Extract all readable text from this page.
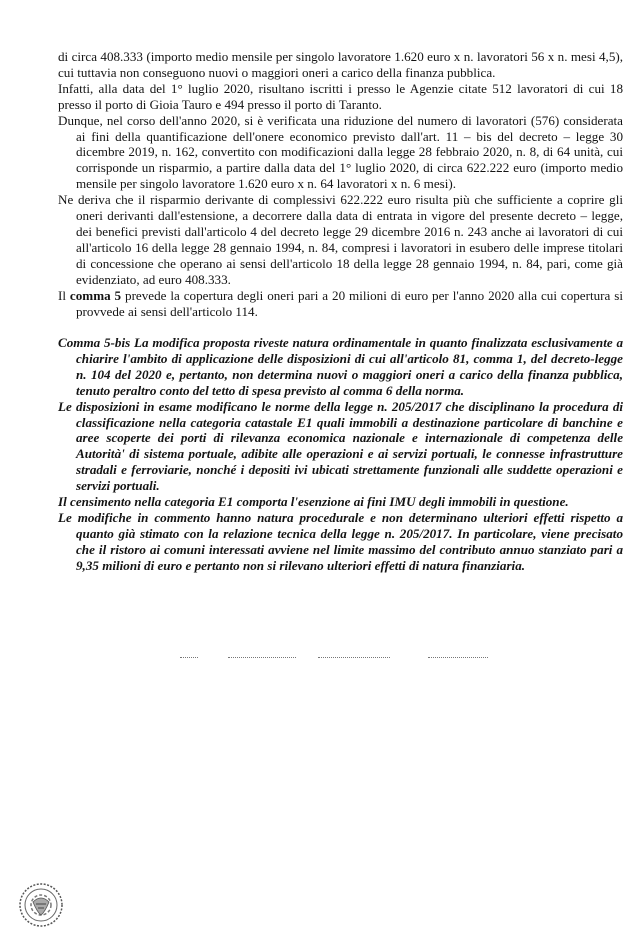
di circa 408.333 (importo medio mensile per singolo lavoratore 1.620 euro x n. lavoratori 56 x n. mesi 4,5), cui tuttavia non conseguono nuovi o maggiori oneri a carico della finanza pubblica.

Infatti, alla data del 1° luglio 2020, risultano iscritti i presso le Agenzie citate 512 lavoratori di cui 18 presso il porto di Gioia Tauro e 494 presso il porto di Taranto.

Dunque, nel corso dell'anno 2020, si è verificata una riduzione del numero di lavoratori (576) considerata ai fini della quantificazione dell'onere economico previsto dall'art. 11 – bis del decreto – legge 30 dicembre 2019, n. 162, convertito con modificazioni dalla legge 28 febbraio 2020, n. 8, di 64 unità, cui corrisponde un risparmio, a partire dalla data del 1° luglio 2020, di circa 622.222 euro (importo medio mensile per singolo lavoratore 1.620 euro x n. 64 lavoratori x n. 6 mesi).

Ne deriva che il risparmio derivante di complessivi 622.222 euro risulta più che sufficiente a coprire gli oneri derivanti dall'estensione, a decorrere dalla data di entrata in vigore del presente decreto – legge, dei benefici previsti dall'articolo 4 del decreto legge 29 dicembre 2016 n. 243 anche ai lavoratori di cui all'articolo 16 della legge 28 gennaio 1994, n. 84, compresi i lavoratori in esubero delle imprese titolari di concessione che operano ai sensi dell'articolo 18 della legge 28 gennaio 1994, n. 84, pari, come già evidenziato, ad euro 408.333.

Il comma 5 prevede la copertura degli oneri pari a 20 milioni di euro per l'anno 2020 alla cui copertura si provvede ai sensi dell'articolo 114.

Comma 5-bis La modifica proposta riveste natura ordinamentale in quanto finalizzata esclusivamente a chiarire l'ambito di applicazione delle disposizioni di cui all'articolo 81, comma 1, del decreto-legge n. 104 del 2020 e, pertanto, non determina nuovi o maggiori oneri a carico della finanza pubblica, tenuto peraltro conto del tetto di spesa previsto al comma 6 della norma.

Le disposizioni in esame modificano le norme della legge n. 205/2017 che disciplinano la procedura di classificazione nella categoria catastale E1 quali immobili a destinazione particolare di banchine e aree scoperte dei porti di rilevanza economica nazionale e internazionale di competenza delle Autorità' di sistema portuale, adibite alle operazioni e ai servizi portuali, le connesse infrastrutture stradali e ferroviarie, nonché i depositi ivi ubicati strettamente funzionali alle suddette operazioni e servizi portuali.

Il censimento nella categoria E1 comporta l'esenzione ai fini IMU degli immobili in questione.

Le modifiche in commento hanno natura procedurale e non determinano ulteriori effetti rispetto a quanto già stimato con la relazione tecnica della legge n. 205/2017. In particolare, viene precisato che il ristoro ai comuni interessati avviene nel limite massimo del contributo annuo stanziato pari a 9,35 milioni di euro e pertanto non si rilevano ulteriori effetti di natura finanziaria.
